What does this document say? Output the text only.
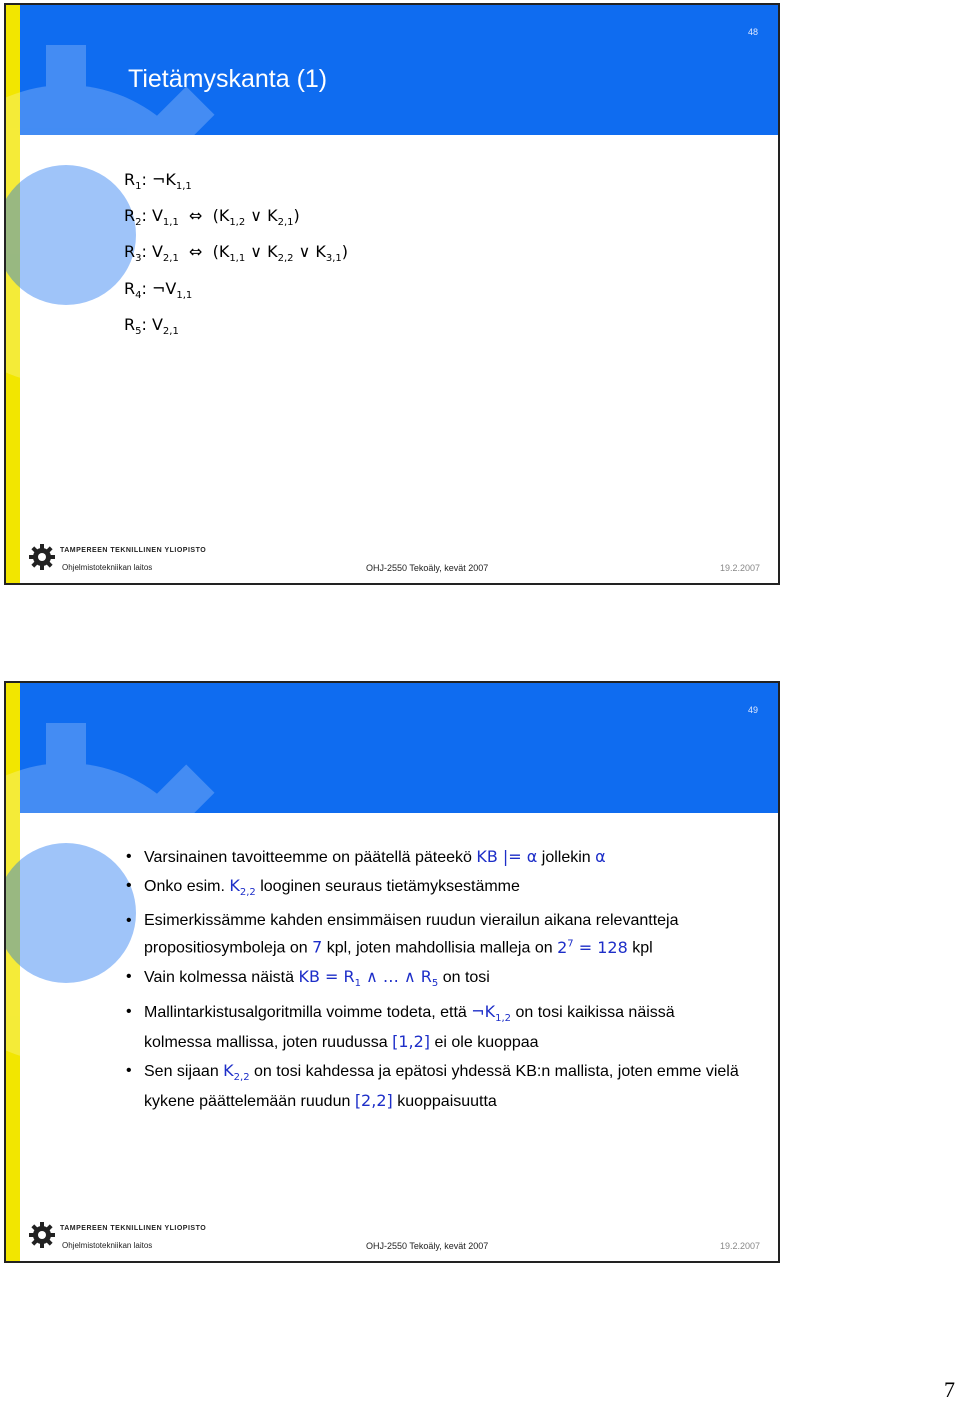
48
Tietämyskanta (1)
$R_1$: $\neg K_{1,1}$
$R_2$: $V_{1,1}$  ⇔  ($K_{1,2}$ ∨ $K_{2,1}$)
$R_3$: $V_{2,1}$  ⇔  ($K_{1,1}$ ∨ $K_{2,2}$ ∨ $K_{3,1}$)
$R_4$: $\neg V_{1,1}$
$R_5$: $V_{2,1}$
TAMPEREEN TEKNILLINEN YLIOPISTO
Ohjelmistotekniikan laitos	OHJ-2550 Tekoäly, kevät 2007	19.2.2007
49
• Varsinainen tavoitteemme on päätellä päteekö KB |= α jollekin α
• Onko esim. $K_{2,2}$ looginen seuraus tietämyksestämme
• Esimerkissämme kahden ensimmäisen ruudun vierailun aikana relevantteja propositiosymboleja on 7 kpl, joten mahdollisia malleja on $2^7 = 128$ kpl
• Vain kolmessa näistä KB = $R_1$ ∧ … ∧ $R_5$ on tosi
• Mallintarkistusalgoritmilla voimme todeta, että $\neg K_{1,2}$ on tosi kaikissa näissä kolmessa mallissa, joten ruudussa [1,2] ei ole kuoppaa
• Sen sijaan $K_{2,2}$ on tosi kahdessa ja epätosi yhdessä KB:n mallista, joten emme vielä kykene päättelemään ruudun [2,2] kuoppaisuutta
TAMPEREEN TEKNILLINEN YLIOPISTO
Ohjelmistotekniikan laitos	OHJ-2550 Tekoäly, kevät 2007	19.2.2007
7
